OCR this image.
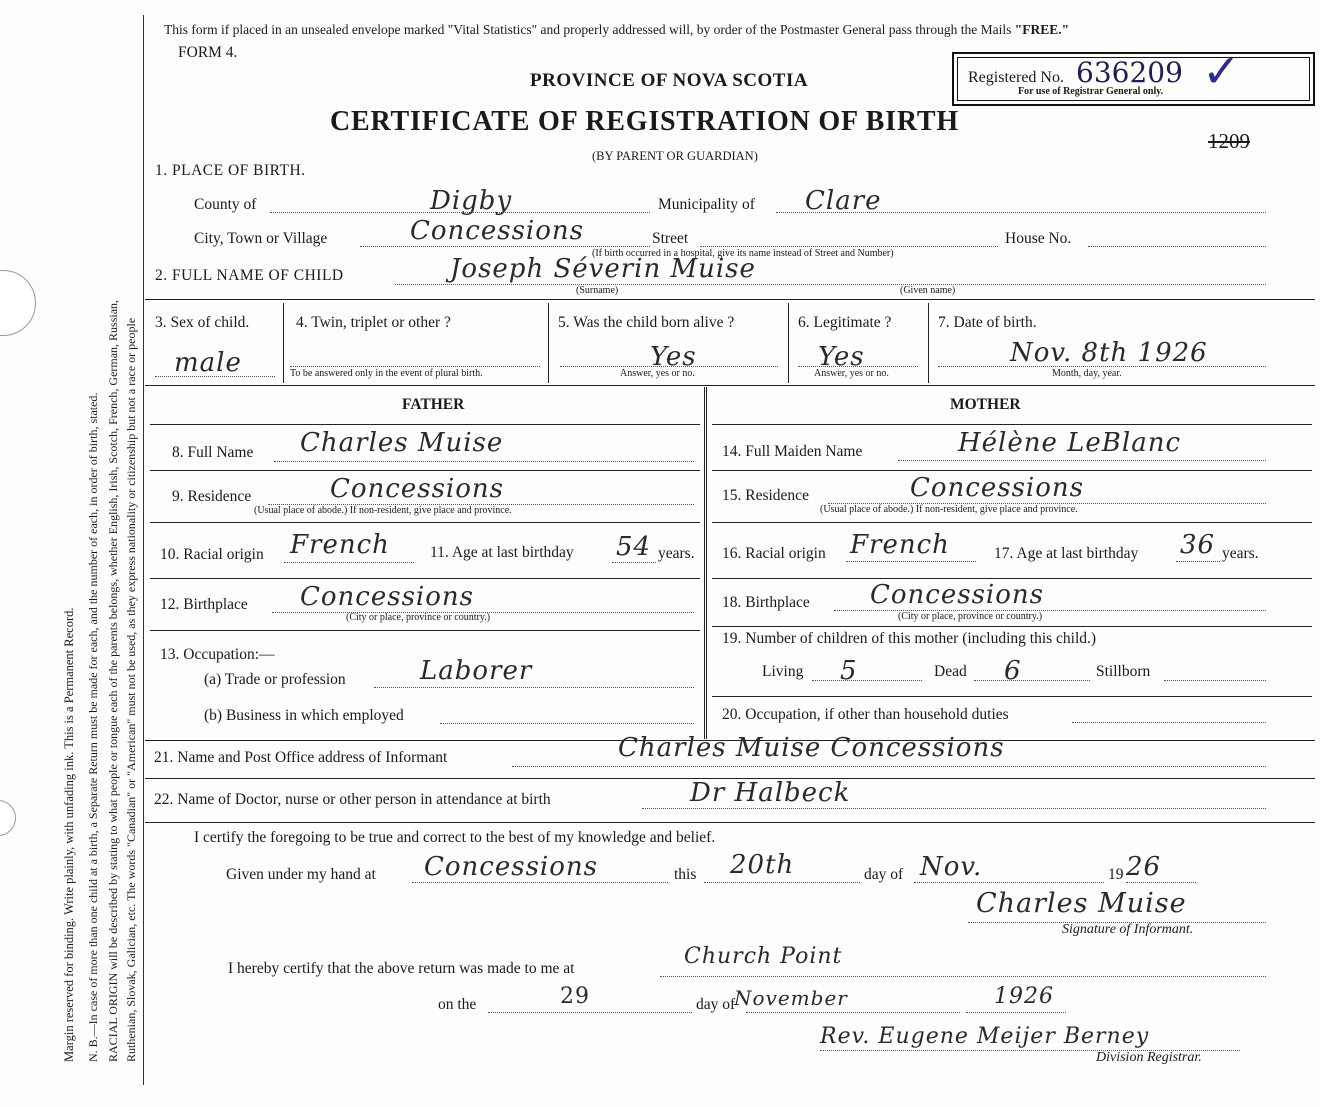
Margin reserved for binding. Write plainly, with unfading ink. This is a Permanent Record. N. B.—In case of more than one child at a birth, a Separate Return must be made for each, and the number of each, in order of birth, stated. RACIAL ORIGIN will be described by stating to what people or tongue each of the parents belongs, whether English, Irish, Scotch, French, German, Russian, Ruthenian, Slovak, Galician, etc. The words "Canadian" or "American" must not be used, as they express nationality or citizenship but not a race or people
This form if placed in an unsealed envelope marked "Vital Statistics" and properly addressed will, by order of the Postmaster General pass through the Mails "FREE."
FORM 4.
PROVINCE OF NOVA SCOTIA
CERTIFICATE OF REGISTRATION OF BIRTH
(BY PARENT OR GUARDIAN)
Registered No. 636209 ✓
For use of Registrar General only.
1209
1. PLACE OF BIRTH.
County of	Digby	Municipality of Clare
City, Town or Village	Concessions	Street
(If birth occurred in a hospital, give its name instead of Street and Number)
House No.
2. FULL NAME OF CHILD	Joseph Séverin Muise
(Surname)	(Given name)
3. Sex of child.
male
4. Twin, triplet or other ?
To be answered only in the event of plural birth.
5. Was the child born alive ?
Yes
Answer, yes or no.
6. Legitimate ?
Yes
Answer, yes or no.
7. Date of birth.
Nov. 8th 1926
Month, day, year.
FATHER
8. Full Name Charles Muise
9. Residence	Concessions
(Usual place of abode.) If non-resident, give place and province.
10. Racial origin French	11. Age at last birthday 54 years.
12. Birthplace Concessions
(City or place, province or country.)
13. Occupation:—
(a) Trade or profession	Laborer
(b) Business in which employed
MOTHER
14. Full Maiden Name	Hélène LeBlanc
15. Residence	Concessions
(Usual place of abode.) If non-resident, give place and province.
16. Racial origin French	17. Age at last birthday 36 years.
18. Birthplace Concessions
(City or place, province or country.)
19. Number of children of this mother (including this child.)
Living 5	Dead 6	Stillborn
20. Occupation, if other than household duties
21. Name and Post Office address of Informant	Charles Muise Concessions
22. Name of Doctor, nurse or other person in attendance at birth	Dr Halbeck
I certify the foregoing to be true and correct to the best of my knowledge and belief.
Given under my hand at Concessions	this 20th	day of Nov.	19 26
Charles Muise
Signature of Informant.
I hereby certify that the above return was made to me at	Church Point
on the	29	day of
November	1926
Rev. Eugene Meijer Berney
Division Registrar.
